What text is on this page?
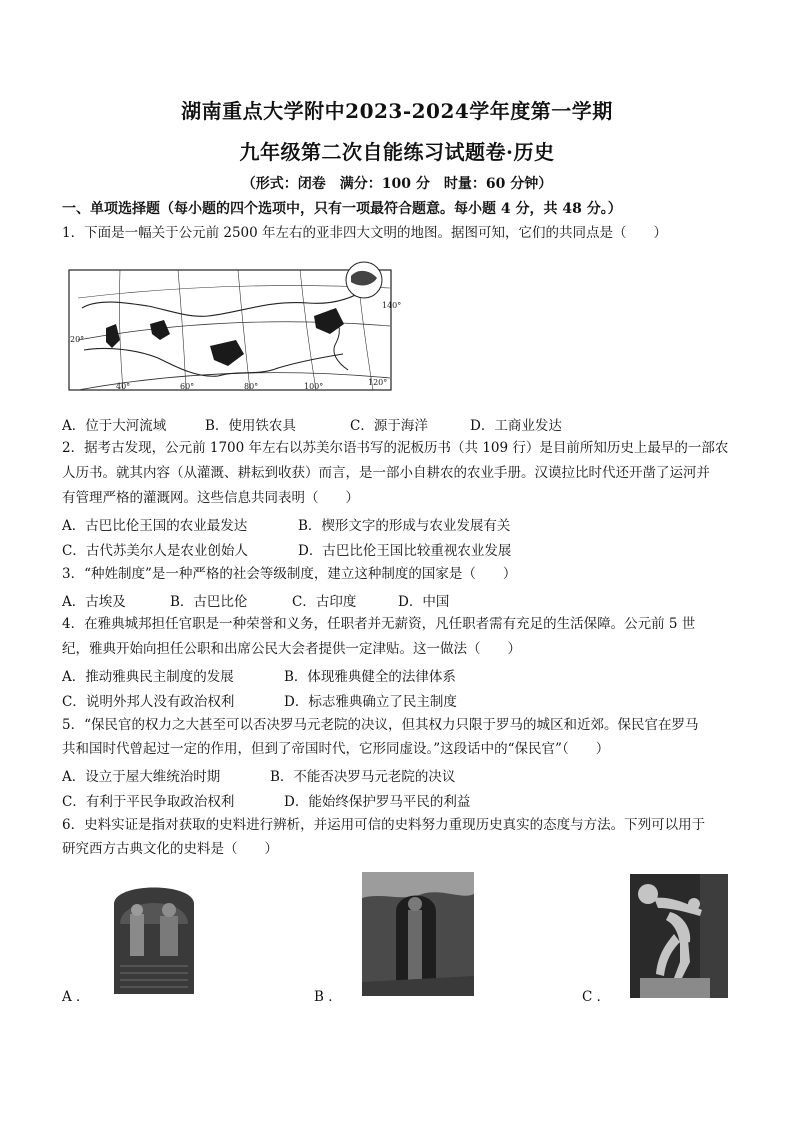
湖南重点大学附中2023-2024学年度第一学期
九年级第二次自能练习试题卷·历史
（形式：闭卷　满分：100 分　时量：60 分钟）
一、单项选择题（每小题的四个选项中，只有一项最符合题意。每小题 4 分，共 48 分。）
1．下面是一幅关于公元前 2500 年左右的亚非四大文明的地图。据图可知，它们的共同点是（　　）
20°
40°	60°	80°	100°	120°
140°
A．位于大河流域	B．使用铁农具	C．源于海洋	D．工商业发达
2．据考古发现，公元前 1700 年左右以苏美尔语书写的泥板历书（共 109 行）是目前所知历史上最早的一部农
人历书。就其内容（从灌溉、耕耘到收获）而言，是一部小自耕农的农业手册。汉谟拉比时代还开凿了运河并
有管理严格的灌溉网。这些信息共同表明（　　）
A．古巴比伦王国的农业最发达	B．楔形文字的形成与农业发展有关
C．古代苏美尔人是农业创始人	D．古巴比伦王国比较重视农业发展
3．“种姓制度”是一种严格的社会等级制度，建立这种制度的国家是（　　）
A．古埃及	B．古巴比伦	C．古印度	D．中国
4．在雅典城邦担任官职是一种荣誉和义务，任职者并无薪资，凡任职者需有充足的生活保障。公元前 5 世
纪，雅典开始向担任公职和出席公民大会者提供一定津贴。这一做法（　　）
A．推动雅典民主制度的发展	B．体现雅典健全的法律体系
C．说明外邦人没有政治权利	D．标志雅典确立了民主制度
5．“保民官的权力之大甚至可以否决罗马元老院的决议，但其权力只限于罗马的城区和近郊。保民官在罗马
共和国时代曾起过一定的作用，但到了帝国时代，它形同虚设。”这段话中的“保民官”（　　）
A．设立于屋大维统治时期	B．不能否决罗马元老院的决议
C．有利于平民争取政治权利	D．能始终保护罗马平民的利益
6．史料实证是指对获取的史料进行辨析，并运用可信的史料努力重现历史真实的态度与方法。下列可以用于
研究西方古典文化的史料是（　　）
A ．	B ．	C ．
